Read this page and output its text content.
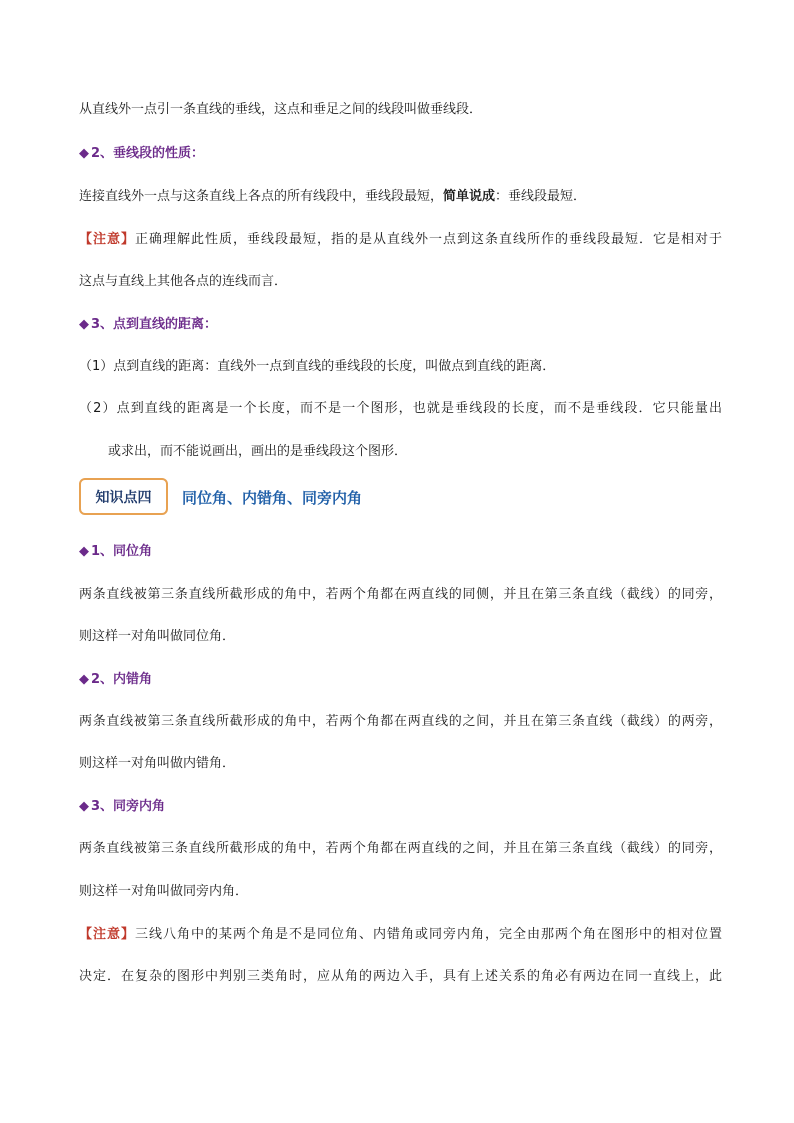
从直线外一点引一条直线的垂线，这点和垂足之间的线段叫做垂线段．
◆ 2、垂线段的性质：
连接直线外一点与这条直线上各点的所有线段中，垂线段最短，简单说成：垂线段最短．
【注意】正确理解此性质，垂线段最短，指的是从直线外一点到这条直线所作的垂线段最短．它是相对于
这点与直线上其他各点的连线而言．
◆ 3、点到直线的距离：
（1）点到直线的距离：直线外一点到直线的垂线段的长度，叫做点到直线的距离．
（2）点到直线的距离是一个长度，而不是一个图形，也就是垂线段的长度，而不是垂线段．它只能量出
或求出，而不能说画出，画出的是垂线段这个图形．
知识点四	同位角、内错角、同旁内角
◆ 1、同位角
两条直线被第三条直线所截形成的角中，若两个角都在两直线的同侧，并且在第三条直线（截线）的同旁，
则这样一对角叫做同位角．
◆ 2、内错角
两条直线被第三条直线所截形成的角中，若两个角都在两直线的之间，并且在第三条直线（截线）的两旁，
则这样一对角叫做内错角．
◆ 3、同旁内角
两条直线被第三条直线所截形成的角中，若两个角都在两直线的之间，并且在第三条直线（截线）的同旁，
则这样一对角叫做同旁内角．
【注意】三线八角中的某两个角是不是同位角、内错角或同旁内角，完全由那两个角在图形中的相对位置
决定．在复杂的图形中判别三类角时，应从角的两边入手，具有上述关系的角必有两边在同一直线上，此
